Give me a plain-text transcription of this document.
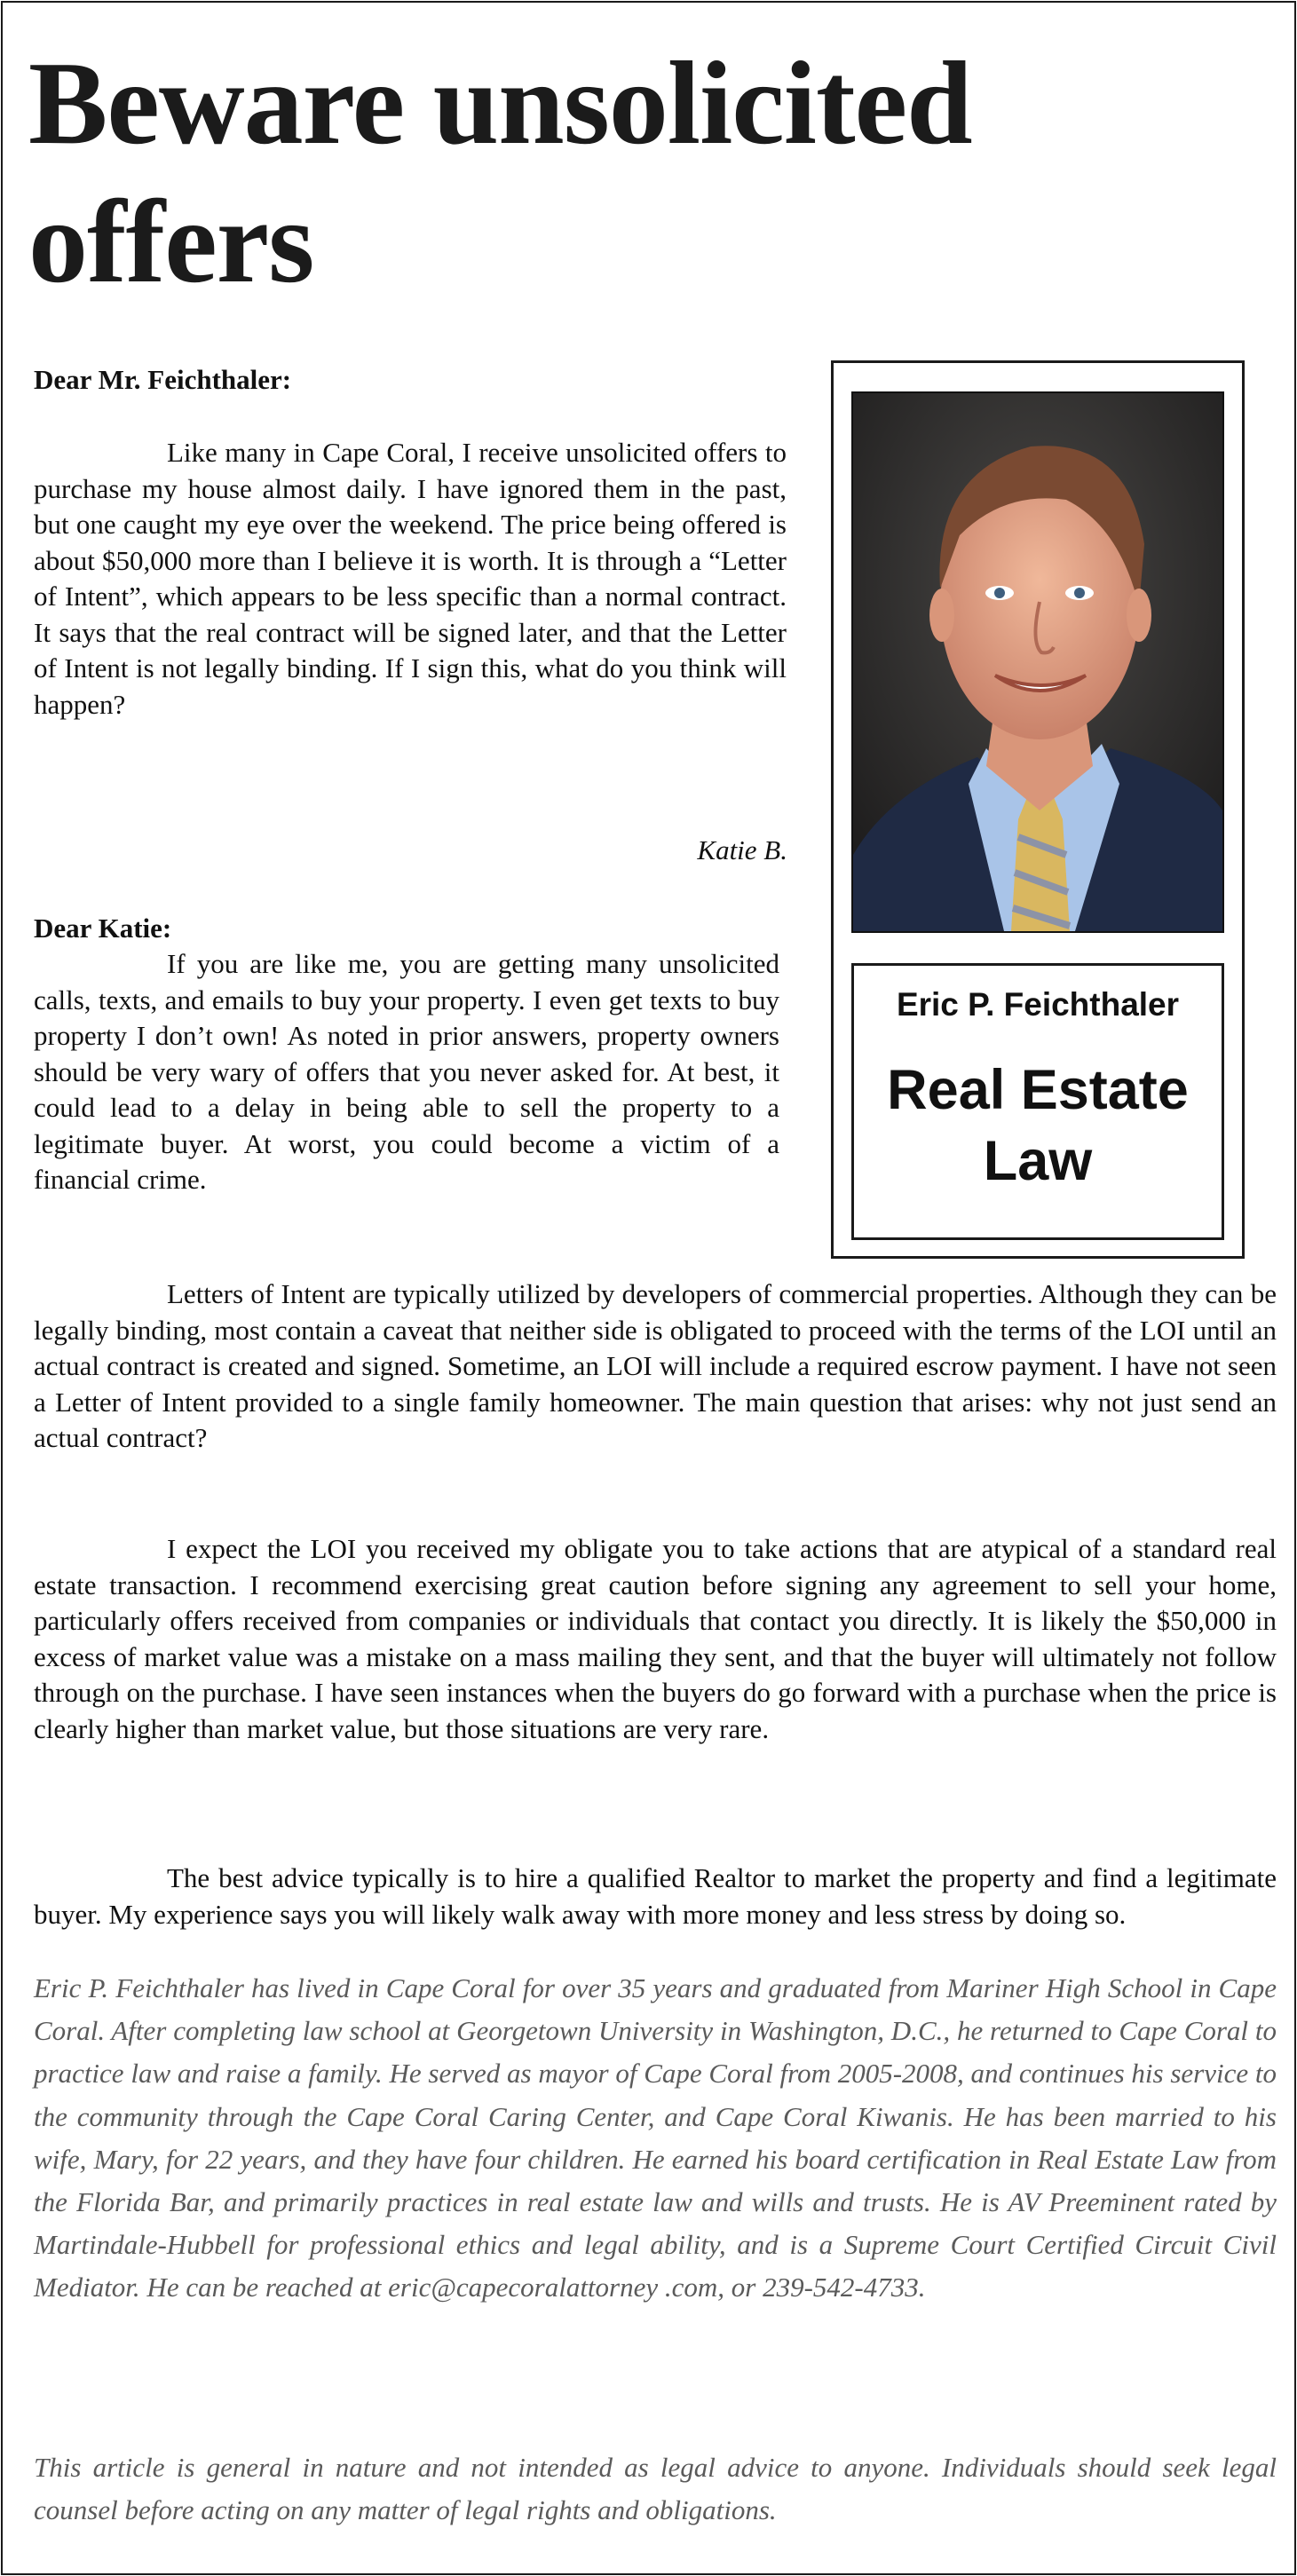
Beware unsolicited offers

Dear Mr. Feichthaler:

Like many in Cape Coral, I receive unsolicited offers to purchase my house almost daily. I have ignored them in the past, but one caught my eye over the weekend. The price being offered is about $50,000 more than I believe it is worth. It is through a “Letter of Intent”, which appears to be less specific than a normal contract. It says that the real contract will be signed later, and that the Letter of Intent is not legally binding. If I sign this, what do you think will happen?

Katie B.

Dear Katie:

If you are like me, you are getting many unsolicited calls, texts, and emails to buy your property. I even get texts to buy property I don’t own! As noted in prior answers, property owners should be very wary of offers that you never asked for. At best, it could lead to a delay in being able to sell the property to a legitimate buyer. At worst, you could become a victim of a financial crime.

Letters of Intent are typically utilized by developers of commercial properties. Although they can be legally binding, most contain a caveat that neither side is obligated to proceed with the terms of the LOI until an actual contract is created and signed. Sometime, an LOI will include a required escrow payment. I have not seen a Letter of Intent provided to a single family homeowner. The main question that arises: why not just send an actual contract?

I expect the LOI you received my obligate you to take actions that are atypical of a standard real estate transaction. I recommend exercising great caution before signing any agreement to sell your home, particularly offers received from companies or individuals that contact you directly. It is likely the $50,000 in excess of market value was a mistake on a mass mailing they sent, and that the buyer will ultimately not follow through on the purchase. I have seen instances when the buyers do go forward with a purchase when the price is clearly higher than market value, but those situations are very rare.

The best advice typically is to hire a qualified Realtor to market the property and find a legitimate buyer. My experience says you will likely walk away with more money and less stress by doing so.

Eric P. Feichthaler
Real Estate Law

Eric P. Feichthaler has lived in Cape Coral for over 35 years and graduated from Mariner High School in Cape Coral. After completing law school at Georgetown University in Washington, D.C., he returned to Cape Coral to practice law and raise a family. He served as mayor of Cape Coral from 2005-2008, and continues his service to the community through the Cape Coral Caring Center, and Cape Coral Kiwanis. He has been married to his wife, Mary, for 22 years, and they have four children. He earned his board certification in Real Estate Law from the Florida Bar, and primarily practices in real estate law and wills and trusts. He is AV Preeminent rated by Martindale-Hubbell for professional ethics and legal ability, and is a Supreme Court Certified Circuit Civil Mediator. He can be reached at eric@capecoralattorney .com, or 239-542-4733.

This article is general in nature and not intended as legal advice to anyone. Individuals should seek legal counsel before acting on any matter of legal rights and obligations.
